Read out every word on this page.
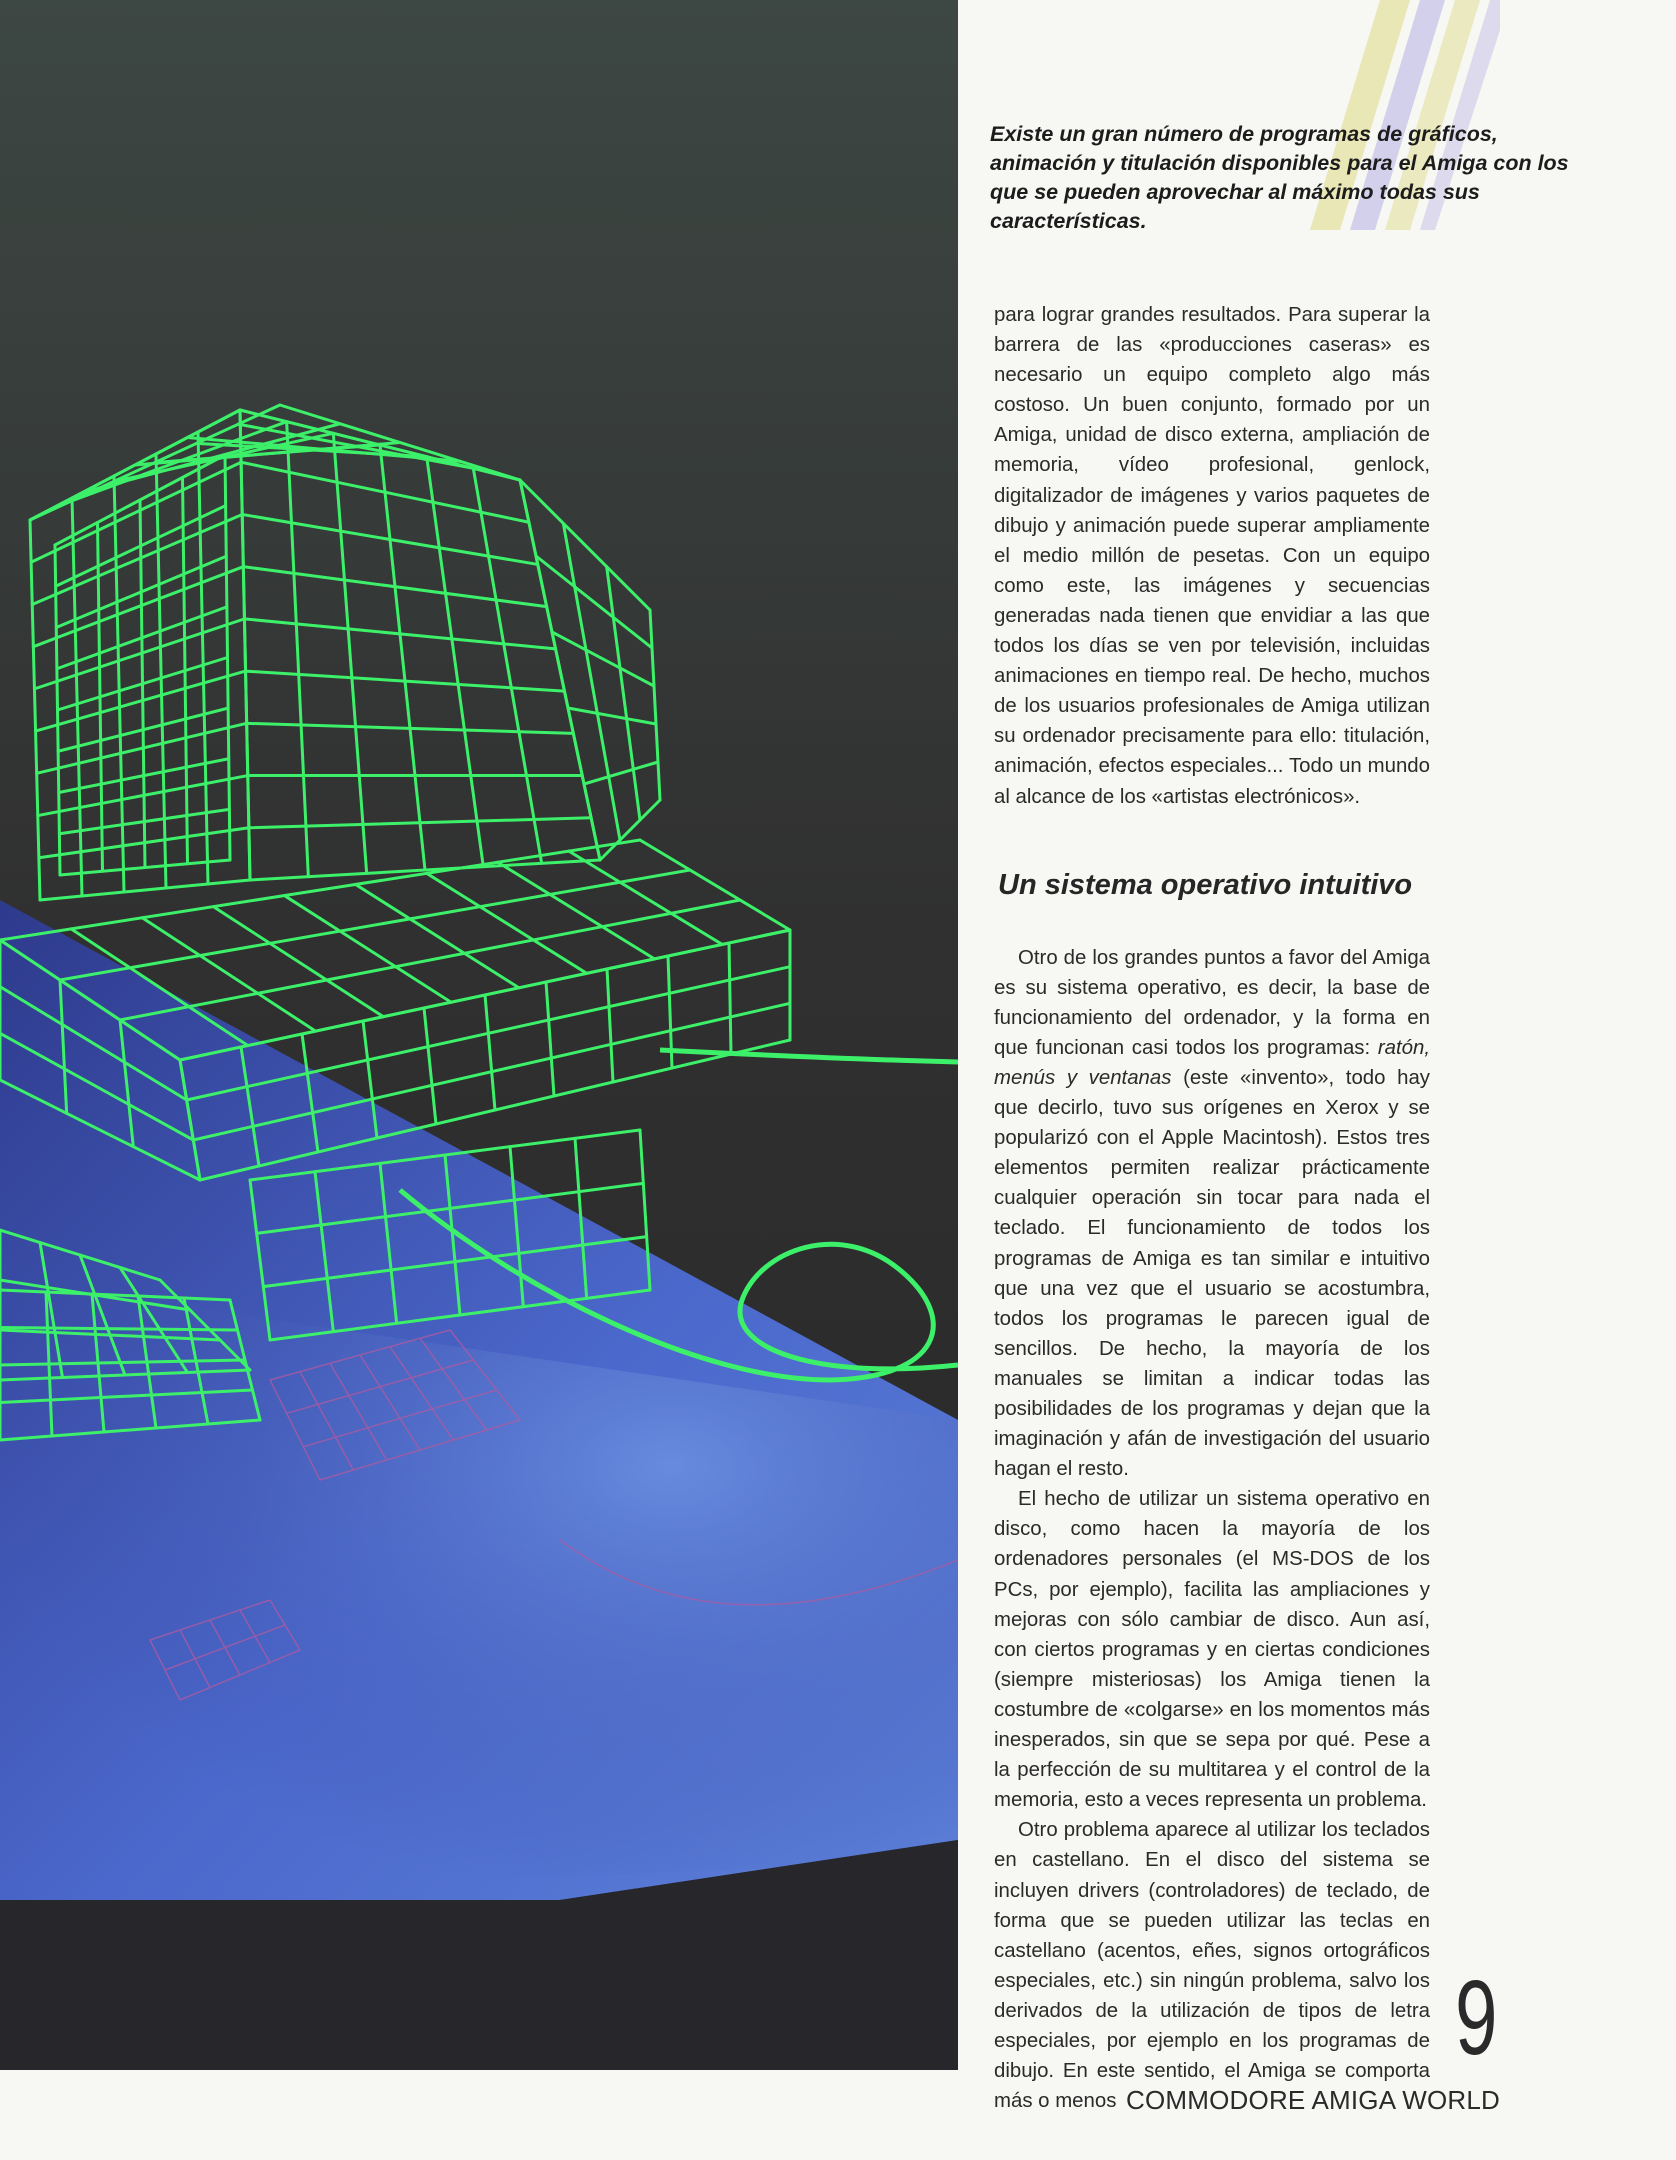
Existe un gran número de programas de gráficos, animación y titulación disponibles para el Amiga con los que se pueden aprovechar al máximo todas sus características.

para lograr grandes resultados. Para superar la barrera de las «producciones caseras» es necesario un equipo completo algo más costoso. Un buen conjunto, formado por un Amiga, unidad de disco externa, ampliación de memoria, vídeo profesional, genlock, digitalizador de imágenes y varios paquetes de dibujo y animación puede superar ampliamente el medio millón de pesetas. Con un equipo como este, las imágenes y secuencias generadas nada tienen que envidiar a las que todos los días se ven por televisión, incluidas animaciones en tiempo real. De hecho, muchos de los usuarios profesionales de Amiga utilizan su ordenador precisamente para ello: titulación, animación, efectos especiales... Todo un mundo al alcance de los «artistas electrónicos».

Un sistema operativo intuitivo

Otro de los grandes puntos a favor del Amiga es su sistema operativo, es decir, la base de funcionamiento del ordenador, y la forma en que funcionan casi todos los programas: ratón, menús y ventanas (este «invento», todo hay que decirlo, tuvo sus orígenes en Xerox y se popularizó con el Apple Macintosh). Estos tres elementos permiten realizar prácticamente cualquier operación sin tocar para nada el teclado. El funcionamiento de todos los programas de Amiga es tan similar e intuitivo que una vez que el usuario se acostumbra, todos los programas le parecen igual de sencillos. De hecho, la mayoría de los manuales se limitan a indicar todas las posibilidades de los programas y dejan que la imaginación y afán de investigación del usuario hagan el resto.

El hecho de utilizar un sistema operativo en disco, como hacen la mayoría de los ordenadores personales (el MS-DOS de los PCs, por ejemplo), facilita las ampliaciones y mejoras con sólo cambiar de disco. Aun así, con ciertos programas y en ciertas condiciones (siempre misteriosas) los Amiga tienen la costumbre de «colgarse» en los momentos más inesperados, sin que se sepa por qué. Pese a la perfección de su multitarea y el control de la memoria, esto a veces representa un problema.

Otro problema aparece al utilizar los teclados en castellano. En el disco del sistema se incluyen drivers (controladores) de teclado, de forma que se pueden utilizar las teclas en castellano (acentos, eñes, signos ortográficos especiales, etc.) sin ningún problema, salvo los derivados de la utilización de tipos de letra especiales, por ejemplo en los programas de dibujo. En este sentido, el Amiga se comporta más o menos COMMODORE AMIGA WORLD
9
